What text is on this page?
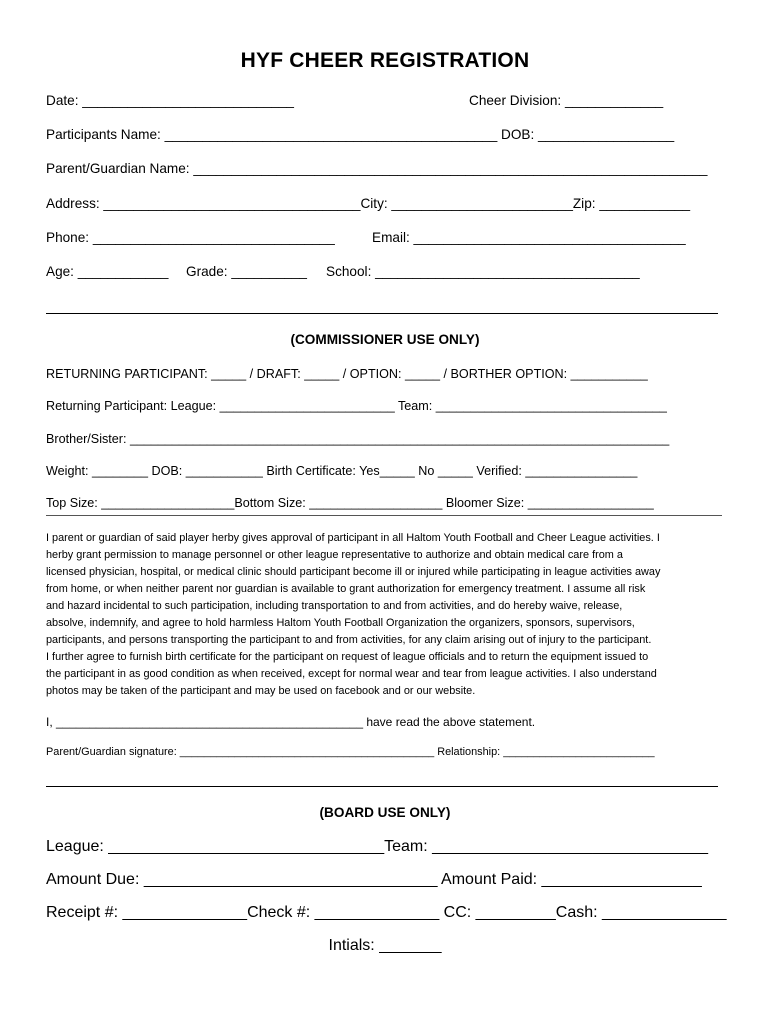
HYF CHEER REGISTRATION
Date: ____________________________	Cheer Division: _____________
Participants Name: ____________________________________________ DOB: __________________
Parent/Guardian Name: ____________________________________________________________________
Address: __________________________________City: ________________________Zip: ____________
Phone: ________________________________	Email: ____________________________________
Age: ____________ Grade: __________ School: ___________________________________
(COMMISSIONER USE ONLY)
RETURNING PARTICIPANT: _____ / DRAFT: _____ / OPTION: _____ / BORTHER OPTION: ___________
Returning Participant: League: _________________________ Team: _________________________________
Brother/Sister: _____________________________________________________________________________
Weight: ________ DOB: ___________ Birth Certificate: Yes_____ No _____ Verified: ________________
Top Size: ___________________Bottom Size: ___________________ Bloomer Size: __________________
I parent or guardian of said player herby gives approval of participant in all Haltom Youth Football and Cheer League activities. I
herby grant permission to manage personnel or other league representative to authorize and obtain medical care from a
licensed physician, hospital, or medical clinic should participant become ill or injured while participating in league activities away
from home, or when neither parent nor guardian is available to grant authorization for emergency treatment. I assume all risk
and hazard incidental to such participation, including transportation to and from activities, and do hereby waive, release,
absolve, indemnify, and agree to hold harmless Haltom Youth Football Organization the organizers, sponsors, supervisors,
participants, and persons transporting the participant to and from activities, for any claim arising out of injury to the participant.
I further agree to furnish birth certificate for the participant on request of league officials and to return the equipment issued to
the participant in as good condition as when received, except for normal wear and tear from league activities. I also understand
photos may be taken of the participant and may be used on facebook and or our website.
I, ______________________________________________ have read the above statement.
Parent/Guardian signature: __________________________________________ Relationship: _________________________
(BOARD USE ONLY)
League: _______________________________Team: _______________________________
Amount Due: _________________________________ Amount Paid: __________________
Receipt #: ______________Check #: ______________ CC: _________Cash: ______________
Intials: _______
